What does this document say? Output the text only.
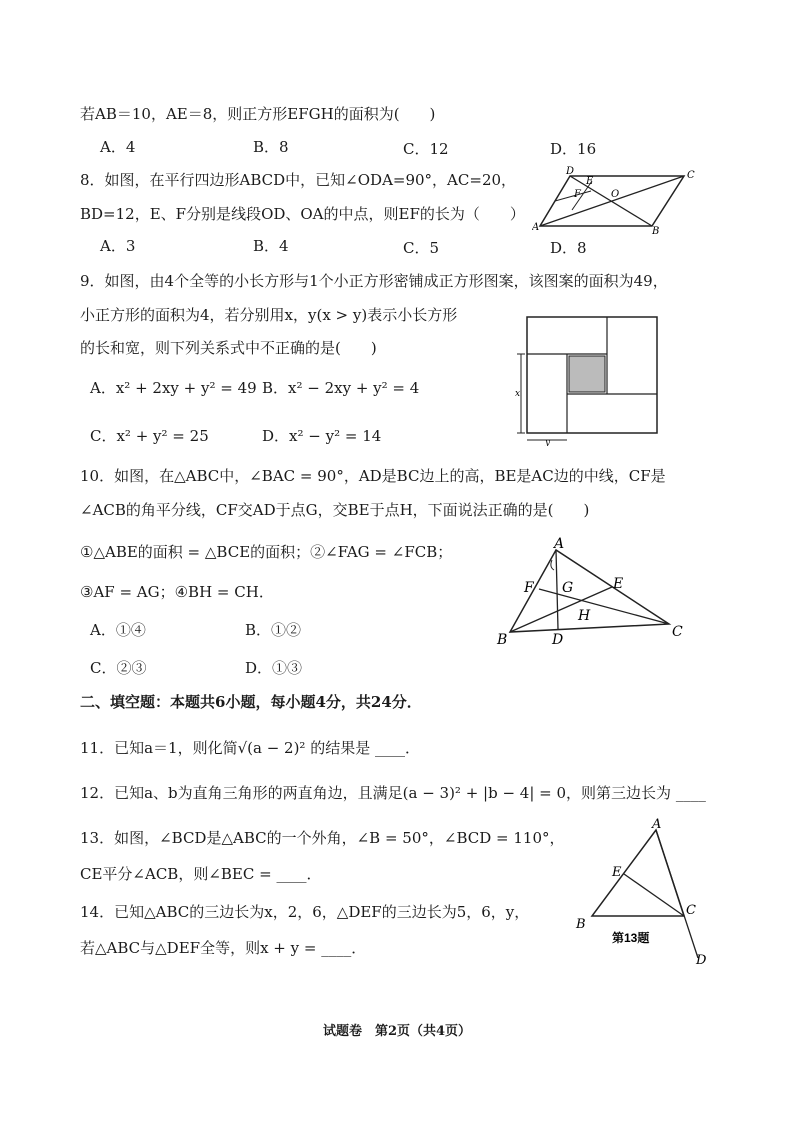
若AB＝10，AE＝8，则正方形EFGH的面积为(　　)
A．4	B．8	C．12	D．16
8．如图，在平行四边形ABCD中，已知∠ODA=90°，AC=20，
BD=12，E、F分别是线段OD、OA的中点，则EF的长为（　　）
A．3	B．4	C．5	D．8
D
E
F	O
C
A	B
9．如图，由4个全等的小长方形与1个小正方形密铺成正方形图案，该图案的面积为49，
小正方形的面积为4，若分别用x，y(x > y)表示小长方形
的长和宽，则下列关系式中不正确的是(　　)
A．x² + 2xy + y² = 49 B．x² − 2xy + y² = 4
C．x² + y² = 25	D．x² − y² = 14
x
y
10．如图，在△ABC中，∠BAC = 90°，AD是BC边上的高，BE是AC边的中线，CF是
∠ACB的角平分线，CF交AD于点G，交BE于点H，下面说法正确的是(　　)
①△ABE的面积 = △BCE的面积；②∠FAG = ∠FCB；
③AF = AG；④BH = CH．
A．①④	B．①②
C．②③	D．①③
A
F G	E
H
B	D	C
二、填空题：本题共6小题，每小题4分，共24分．
11．已知a＝1，则化简√(a − 2)² 的结果是 ____．
12．已知a、b为直角三角形的两直角边，且满足(a − 3)² + |b − 4| = 0，则第三边长为 ____
13．如图，∠BCD是△ABC的一个外角，∠B = 50°，∠BCD = 110°，
CE平分∠ACB，则∠BEC = ____．
A
E
C
B
D
第13题
14．已知△ABC的三边长为x，2，6，△DEF的三边长为5，6，y，
若△ABC与△DEF全等，则x + y = ____．
试题卷　第2页（共4页）
